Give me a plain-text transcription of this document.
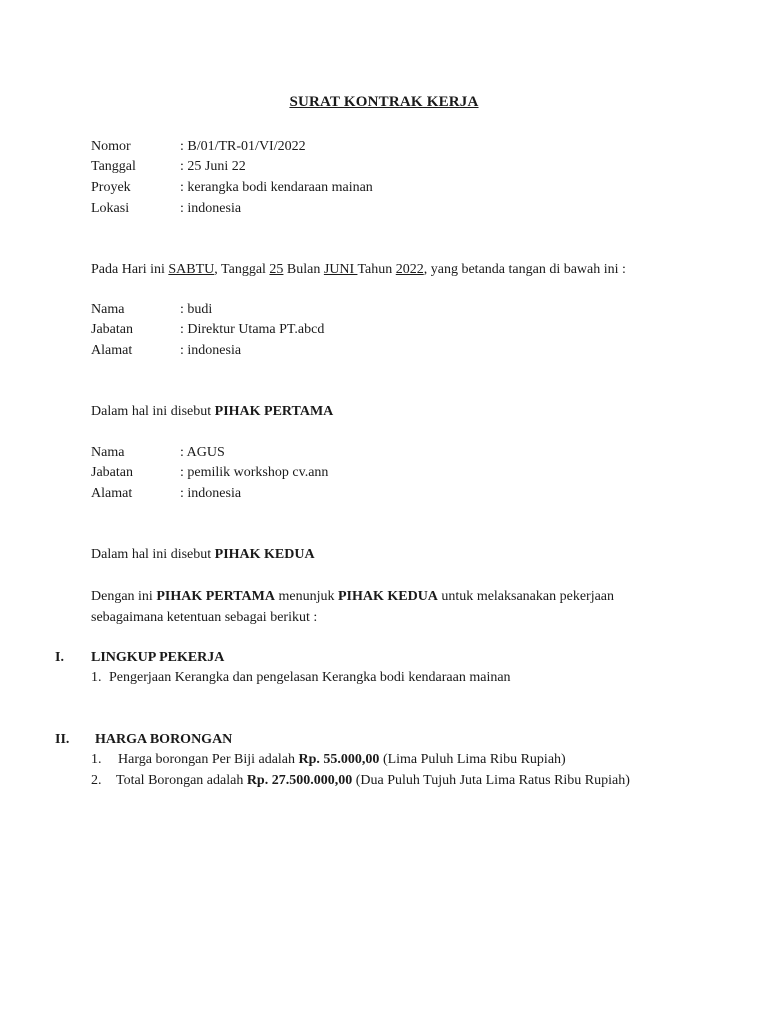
SURAT KONTRAK KERJA
Nomor	: B/01/TR-01/VI/2022
Tanggal	: 25 Juni 22
Proyek	: kerangka bodi kendaraan mainan
Lokasi	: indonesia
Pada Hari ini SABTU, Tanggal 25 Bulan JUNI Tahun 2022, yang betanda tangan di bawah ini :
Nama	: budi
Jabatan	: Direktur Utama PT.abcd
Alamat	: indonesia
Dalam hal ini disebut PIHAK PERTAMA
Nama	: AGUS
Jabatan	: pemilik workshop cv.ann
Alamat	: indonesia
Dalam hal ini disebut PIHAK KEDUA
Dengan ini PIHAK PERTAMA menunjuk PIHAK KEDUA untuk melaksanakan pekerjaan
sebagaimana ketentuan sebagai berikut :
I. LINGKUP PEKERJA
1. Pengerjaan Kerangka dan pengelasan Kerangka bodi kendaraan mainan
II. HARGA BORONGAN
1. Harga borongan Per Biji adalah Rp. 55.000,00 (Lima Puluh Lima Ribu Rupiah)
2. Total Borongan adalah Rp. 27.500.000,00 (Dua Puluh Tujuh Juta Lima Ratus Ribu Rupiah)
